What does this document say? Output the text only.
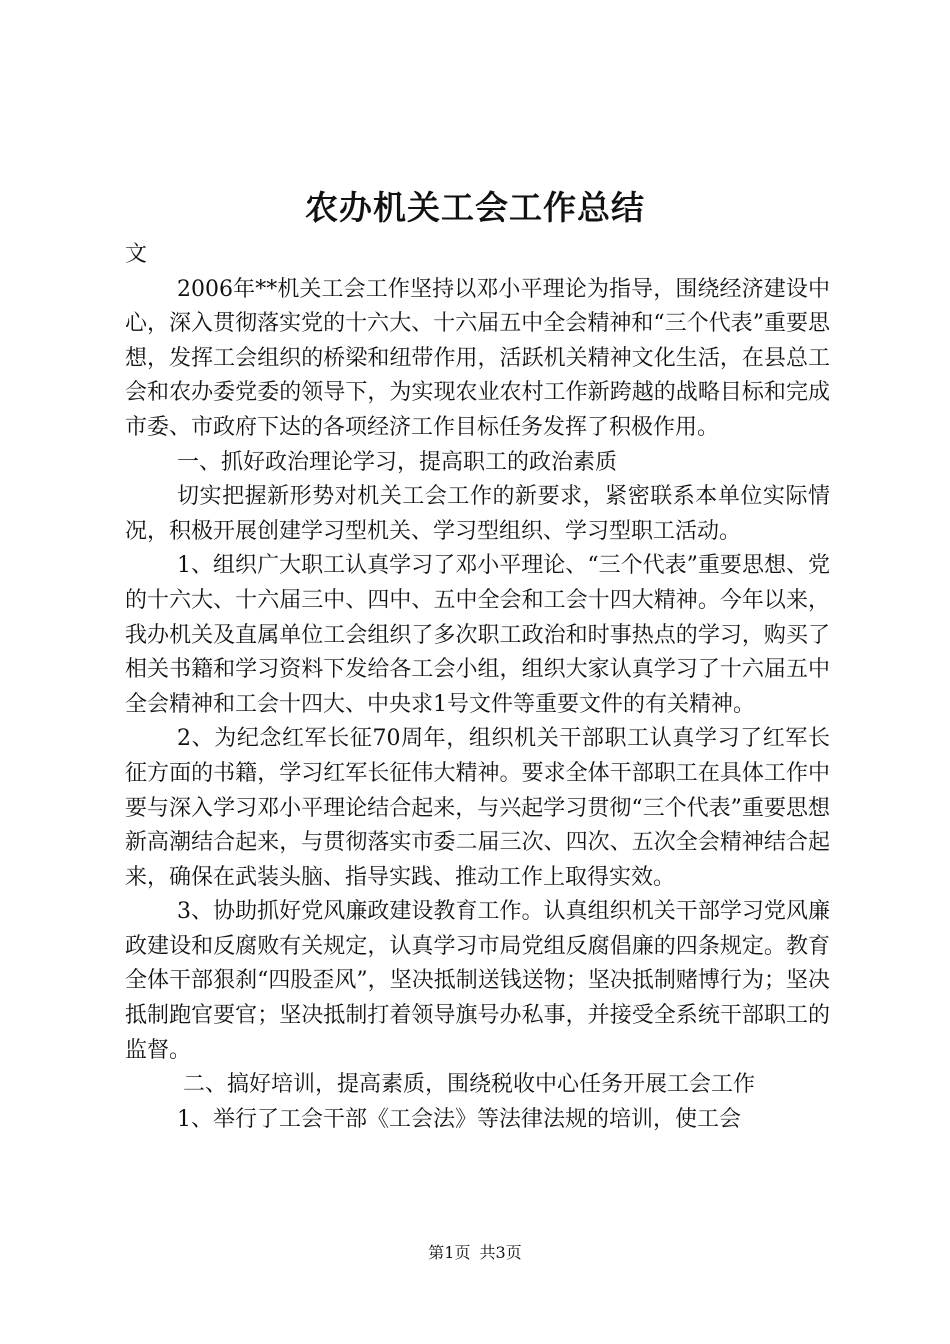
农办机关工会工作总结

文

2006年**机关工会工作坚持以邓小平理论为指导，围绕经济建设中心，深入贯彻落实党的十六大、十六届五中全会精神和“三个代表”重要思想，发挥工会组织的桥梁和纽带作用，活跃机关精神文化生活，在县总工会和农办委党委的领导下，为实现农业农村工作新跨越的战略目标和完成市委、市政府下达的各项经济工作目标任务发挥了积极作用。

一、抓好政治理论学习，提高职工的政治素质

切实把握新形势对机关工会工作的新要求，紧密联系本单位实际情况，积极开展创建学习型机关、学习型组织、学习型职工活动。

1、组织广大职工认真学习了邓小平理论、“三个代表”重要思想、党的十六大、十六届三中、四中、五中全会和工会十四大精神。今年以来，我办机关及直属单位工会组织了多次职工政治和时事热点的学习，购买了相关书籍和学习资料下发给各工会小组，组织大家认真学习了十六届五中全会精神和工会十四大、中央求1号文件等重要文件的有关精神。

2、为纪念红军长征70周年，组织机关干部职工认真学习了红军长征方面的书籍，学习红军长征伟大精神。要求全体干部职工在具体工作中要与深入学习邓小平理论结合起来，与兴起学习贯彻“三个代表”重要思想新高潮结合起来，与贯彻落实市委二届三次、四次、五次全会精神结合起来，确保在武装头脑、指导实践、推动工作上取得实效。

3、协助抓好党风廉政建设教育工作。认真组织机关干部学习党风廉政建设和反腐败有关规定，认真学习市局党组反腐倡廉的四条规定。教育全体干部狠刹“四股歪风”，坚决抵制送钱送物；坚决抵制赌博行为；坚决抵制跑官要官；坚决抵制打着领导旗号办私事，并接受全系统干部职工的监督。

二、搞好培训，提高素质，围绕税收中心任务开展工会工作

1、举行了工会干部《工会法》等法律法规的培训，使工会

第1页 共3页
